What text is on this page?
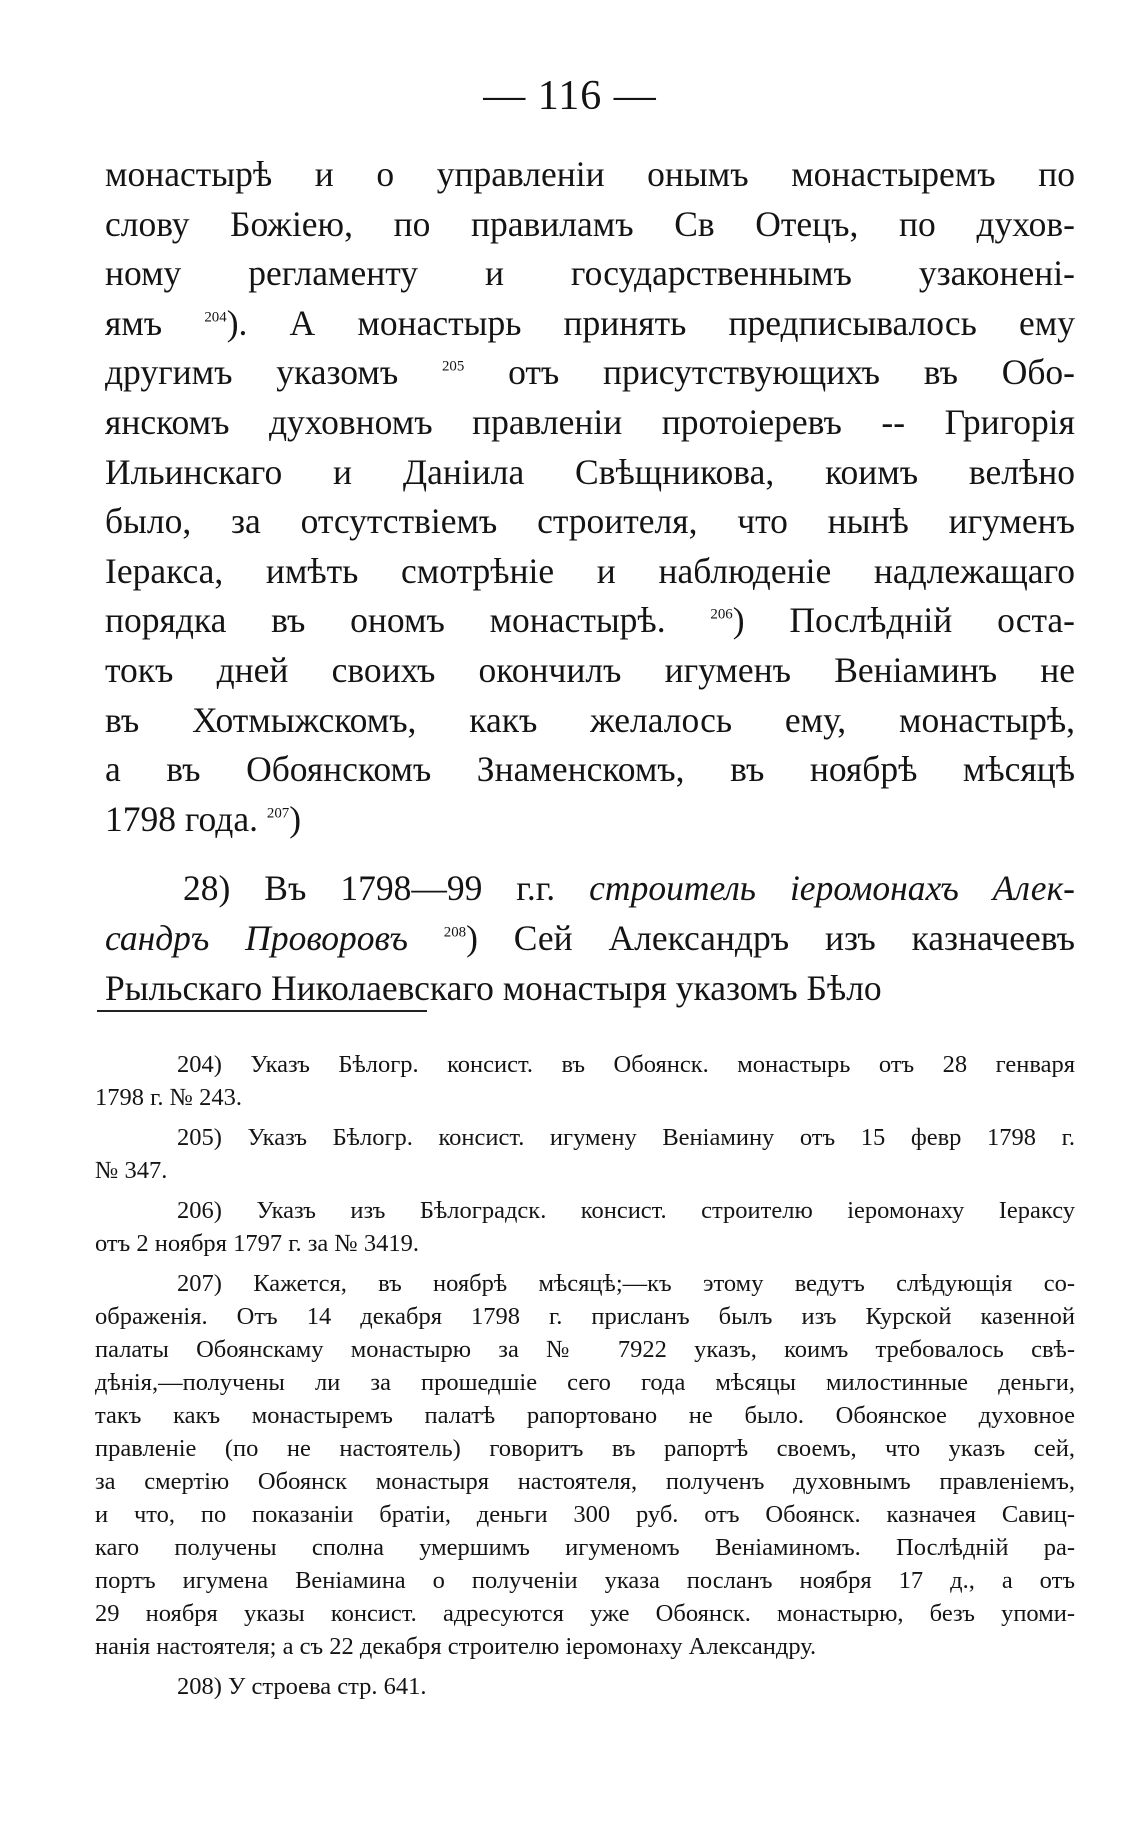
— 116 —
монастырѣ и о управленіи онымъ монастыремъ по
слову Божіею, по правиламъ Св Отецъ, по духов-
ному регламенту и государственнымъ узаконені-
ямъ $^{204}$). А монастырь принять предписывалось ему
другимъ указомъ $^{205}$ отъ присутствующихъ въ Обо-
янскомъ духовномъ правленіи протоіеревъ -- Григорія
Ильинскаго и Даніила Свѣщникова, коимъ велѣно
было, за отсутствіемъ строителя, что нынѣ игуменъ
Іеракса, имѣть смотрѣніе и наблюденіе надлежащаго
порядка въ ономъ монастырѣ. $^{206}$) Послѣдній оста-
токъ дней своихъ окончилъ игуменъ Веніаминъ не
въ Хотмыжскомъ, какъ желалось ему, монастырѣ,
а въ Обоянскомъ Знаменскомъ, въ ноябрѣ мѣсяцѣ
1798 года. $^{207}$)
28) Въ 1798—99 г.г. строитель іеромонахъ Алек-
сандръ Проворовъ $^{208}$) Сей Александръ изъ казначеевъ
Рыльскаго Николаевскаго монастыря указомъ Бѣло
204) Указъ Бѣлогр. консист. въ Обоянск. монастырь отъ 28 генваря
1798 г. № 243.
205) Указъ Бѣлогр. консист. игумену Веніамину отъ 15 февр 1798 г.
№ 347.
206) Указъ изъ Бѣлоградск. консист. строителю іеромонаху Іераксу
отъ 2 ноября 1797 г. за № 3419.
207) Кажется, въ ноябрѣ мѣсяцѣ;—къ этому ведутъ слѣдующія со-
ображенія. Отъ 14 декабря 1798 г. присланъ былъ изъ Курской казенной
палаты Обоянскаму монастырю за № 7922 указъ, коимъ требовалось свѣ-
дѣнія,—получены ли за прошедшіе сего года мѣсяцы милостинные деньги,
такъ какъ монастыремъ палатѣ рапортовано не было. Обоянское духовное
правленіе (по не настоятель) говоритъ въ рапортѣ своемъ, что указъ сей,
за смертію Обоянск монастыря настоятеля, полученъ духовнымъ правленіемъ,
и что, по показаніи братіи, деньги 300 руб. отъ Обоянск. казначея Савиц-
каго получены сполна умершимъ игуменомъ Веніаминомъ. Послѣдній ра-
портъ игумена Веніамина о полученіи указа посланъ ноября 17 д., а отъ
29 ноября указы консист. адресуются уже Обоянск. монастырю, безъ упоми-
нанія настоятеля; а съ 22 декабря строителю іеромонаху Александру.
208) У строева стр. 641.
